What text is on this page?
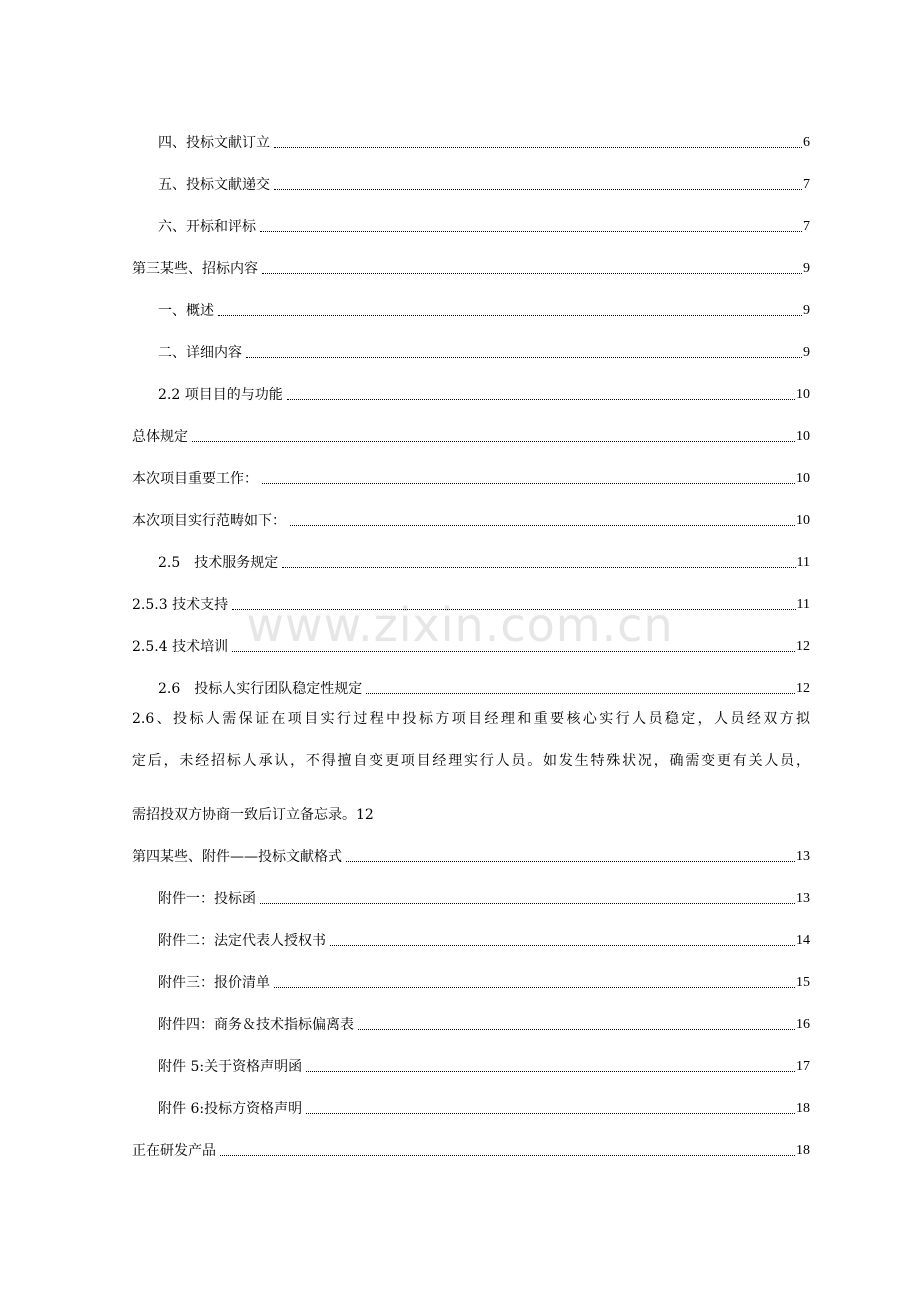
www.zixin.com.cn
四、投标文献订立	6
五、投标文献递交	7
六、开标和评标	7
第三某些、招标内容	9
一、概述	9
二、详细内容	9
2.2 项目目的与功能	10
总体规定	10
本次项目重要工作：	10
本次项目实行范畴如下：	10
2.5　技术服务规定	11
2.5.3 技术支持	11
2.5.4 技术培训	12
2.6　投标人实行团队稳定性规定	12
2.6、投标人需保证在项目实行过程中投标方项目经理和重要核心实行人员稳定，人员经双方拟
定后，未经招标人承认，不得擅自变更项目经理实行人员。如发生特殊状况，确需变更有关人员，
需招投双方协商一致后订立备忘录。 12
第四某些、附件——投标文献格式	13
附件一：投标函	13
附件二：法定代表人授权书	14
附件三：报价清单	15
附件四：商务＆技术指标偏离表	16
附件 5:关于资格声明函	17
附件 6:投标方资格声明	18
正在研发产品	18
